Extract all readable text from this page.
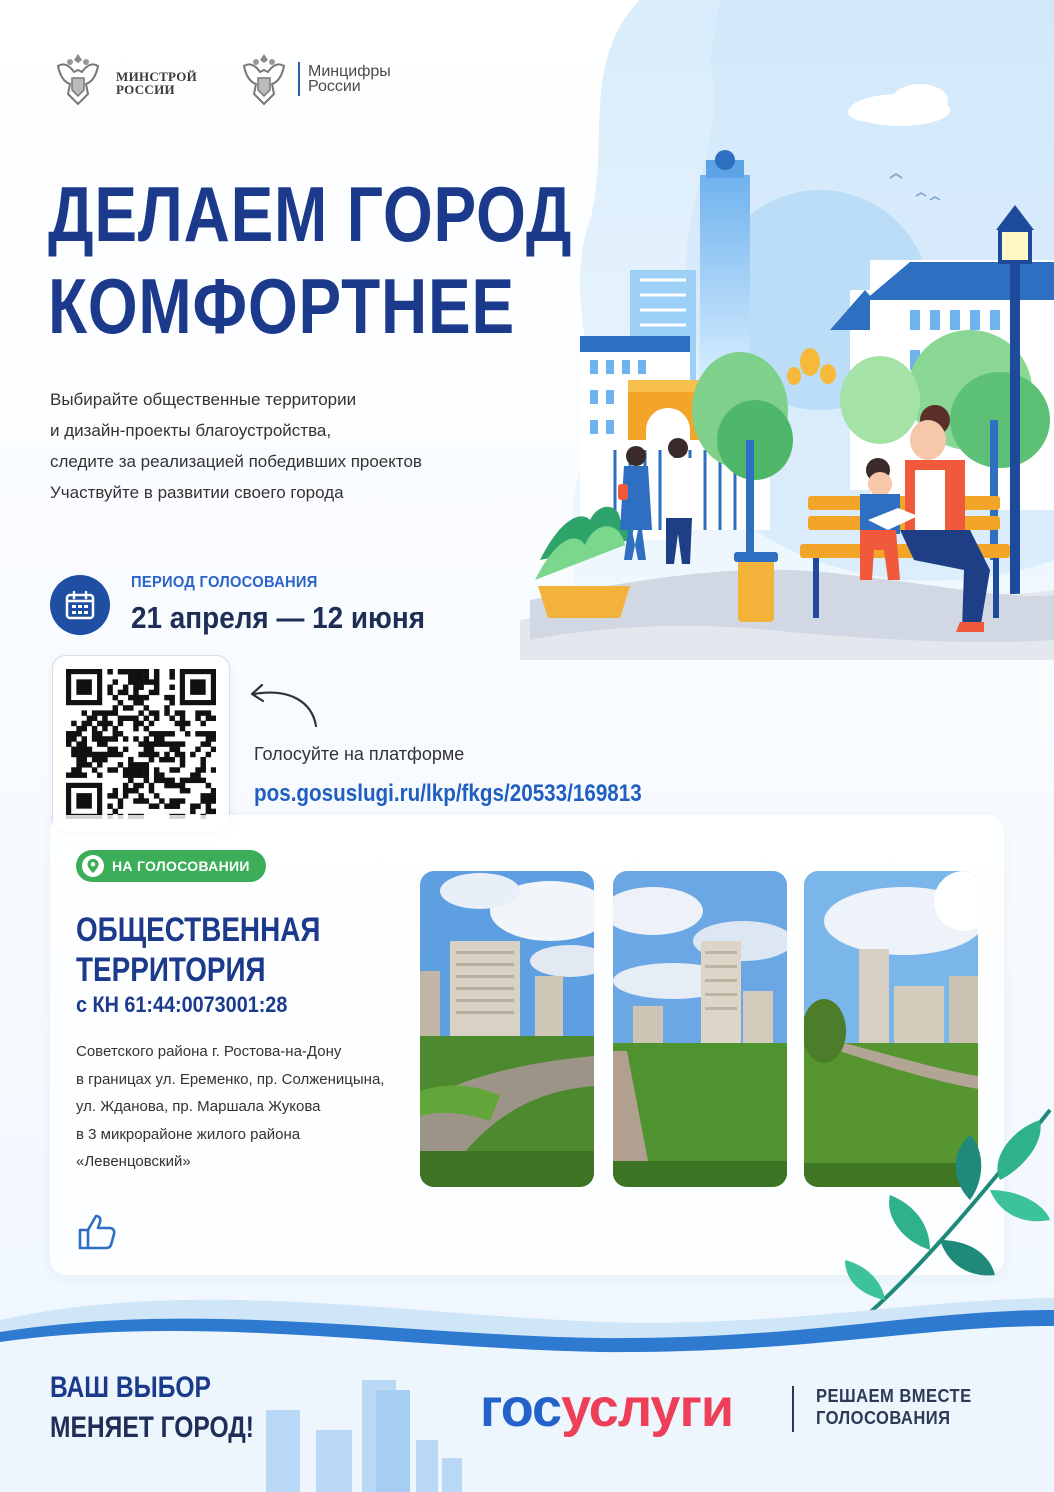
МИНСТРОЙ
РОССИИ
Минцифры
России
ДЕЛАЕМ ГОРОД
КОМФОРТНЕЕ
Выбирайте общественные территории
и дизайн-проекты благоустройства,
следите за реализацией победивших проектов
Участвуйте в развитии своего города
ПЕРИОД ГОЛОСОВАНИЯ
21 апреля — 12 июня
Голосуйте на платформе
pos.gosuslugi.ru/lkp/fkgs/20533/169813
НА ГОЛОСОВАНИИ
ОБЩЕСТВЕННАЯ
ТЕРРИТОРИЯ
с КН 61:44:0073001:28
Советского района г. Ростова-на-Дону
в границах ул. Еременко, пр. Солженицына,
ул. Жданова, пр. Маршала Жукова
в 3 микрорайоне жилого района
«Левенцовский»
ВАШ ВЫБОР
МЕНЯЕТ ГОРОД!	госуслуги	РЕШАЕМ ВМЕСТЕ
ГОЛОСОВАНИЯ
